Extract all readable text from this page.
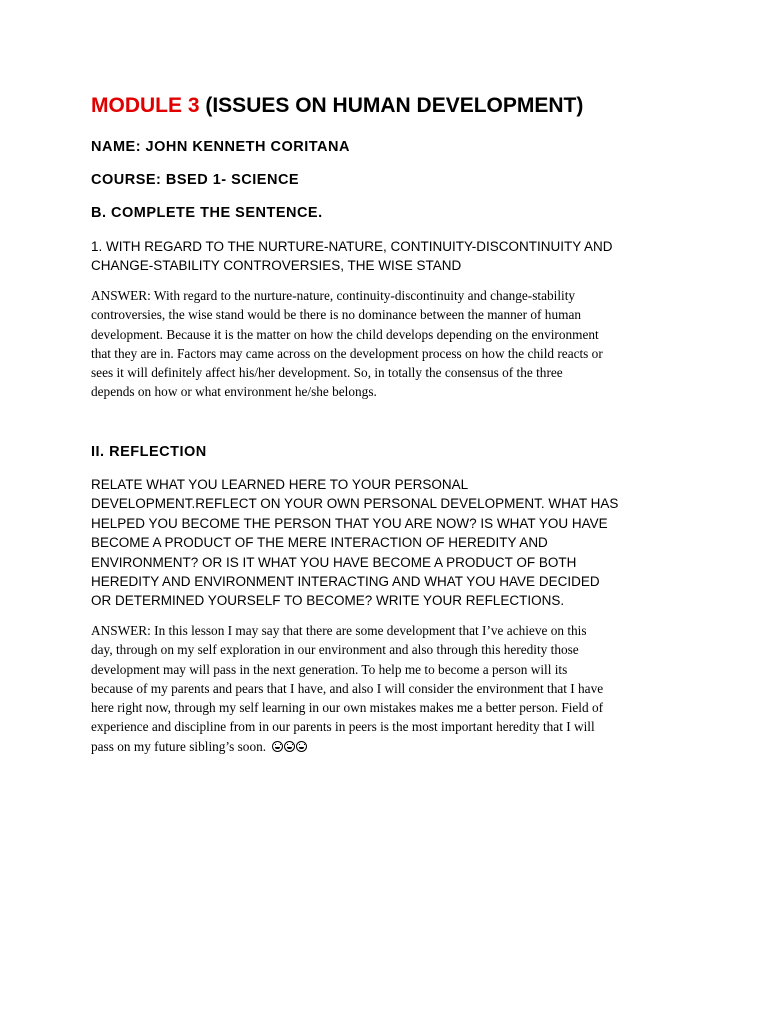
MODULE 3 (ISSUES ON HUMAN DEVELOPMENT)

NAME: JOHN KENNETH CORITANA

COURSE: BSED 1- SCIENCE

B. COMPLETE THE SENTENCE.

1. WITH REGARD TO THE NURTURE-NATURE, CONTINUITY-DISCONTINUITY AND
CHANGE-STABILITY CONTROVERSIES, THE WISE STAND

ANSWER: With regard to the nurture-nature, continuity-discontinuity and change-stability
controversies, the wise stand would be there is no dominance between the manner of human
development. Because it is the matter on how the child develops depending on the environment
that they are in. Factors may came across on the development process on how the child reacts or
sees it will definitely affect his/her development. So, in totally the consensus of the three
depends on how or what environment he/she belongs.

II. REFLECTION

RELATE WHAT YOU LEARNED HERE TO YOUR PERSONAL
DEVELOPMENT.REFLECT ON YOUR OWN PERSONAL DEVELOPMENT. WHAT HAS
HELPED YOU BECOME THE PERSON THAT YOU ARE NOW? IS WHAT YOU HAVE
BECOME A PRODUCT OF THE MERE INTERACTION OF HEREDITY AND
ENVIRONMENT? OR IS IT WHAT YOU HAVE BECOME A PRODUCT OF BOTH
HEREDITY AND ENVIRONMENT INTERACTING AND WHAT YOU HAVE DECIDED
OR DETERMINED YOURSELF TO BECOME? WRITE YOUR REFLECTIONS.

ANSWER: In this lesson I may say that there are some development that I’ve achieve on this
day, through on my self exploration in our environment and also through this heredity those
development may will pass in the next generation. To help me to become a person will its
because of my parents and pears that I have, and also I will consider the environment that I have
here right now, through my self learning in our own mistakes makes me a better person. Field of
experience and discipline from in our parents in peers is the most important heredity that I will
pass on my future sibling’s soon.
